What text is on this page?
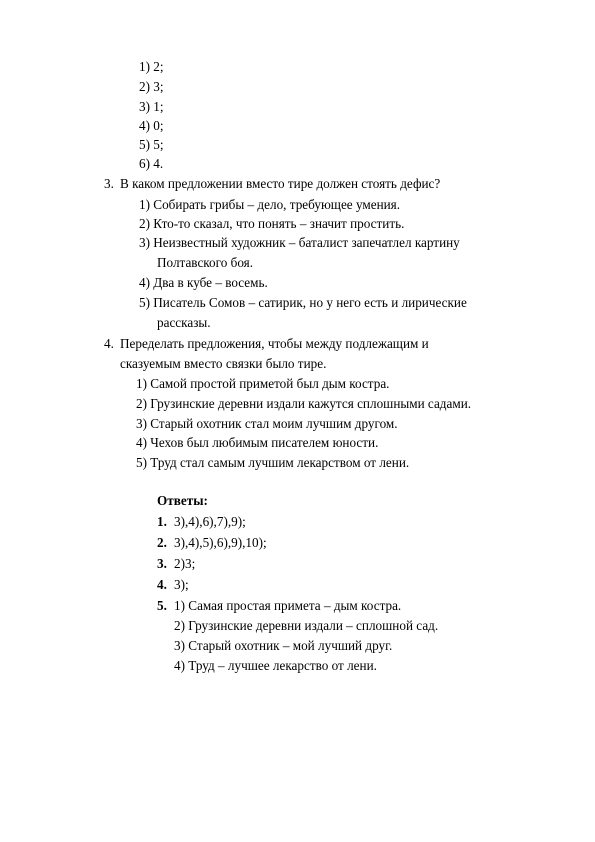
1) 2;
2) 3;
3) 1;
4) 0;
5) 5;
6) 4.
3. В каком предложении вместо тире должен стоять дефис?
1) Собирать грибы – дело, требующее умения.
2) Кто-то сказал, что понять – значит простить.
3) Неизвестный художник – баталист запечатлел картину
Полтавского боя.
4) Два в кубе – восемь.
5) Писатель Сомов – сатирик, но у него есть и лирические
рассказы.
4. Переделать предложения, чтобы между подлежащим и
сказуемым вместо связки было тире.
1) Самой простой приметой был дым костра.
2) Грузинские деревни издали кажутся сплошными садами.
3) Старый охотник стал моим лучшим другом.
4) Чехов был любимым писателем юности.
5) Труд стал самым лучшим лекарством от лени.
Ответы:
1. 3),4),6),7),9);
2. 3),4),5),6),9),10);
3. 2)3;
4. 3);
5. 1) Самая простая примета – дым костра.
2) Грузинские деревни издали – сплошной сад.
3) Старый охотник – мой лучший друг.
4) Труд – лучшее лекарство от лени.
